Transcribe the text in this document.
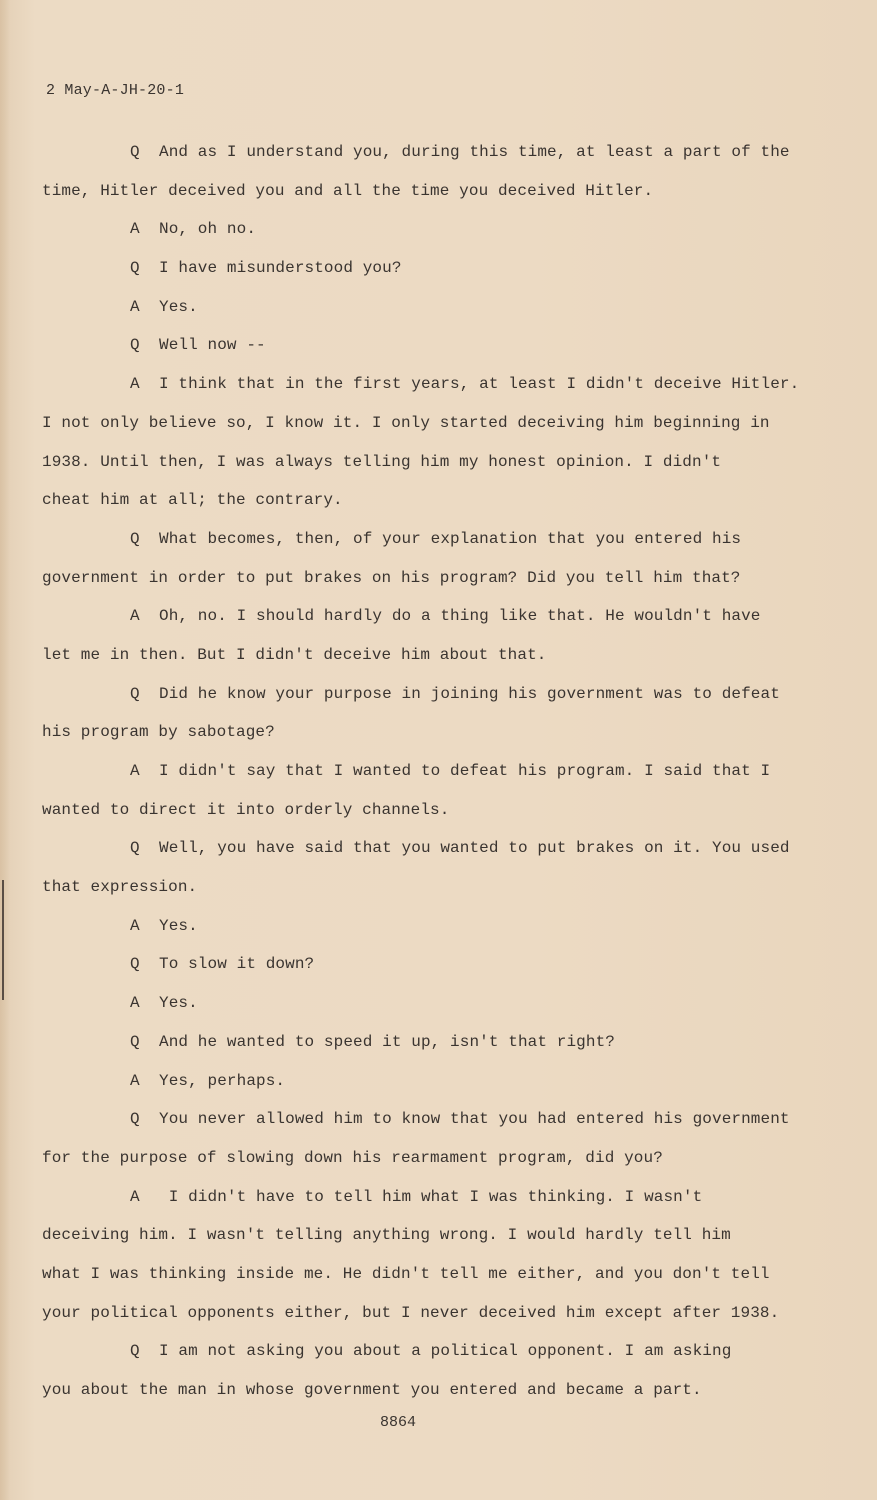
2 May-A-JH-20-1
Q And as I understand you, during this time, at least a part of the
time, Hitler deceived you and all the time you deceived Hitler.
A No, oh no.
Q I have misunderstood you?
A Yes.
Q Well now --
A I think that in the first years, at least I didn't deceive Hitler.
I not only believe so, I know it. I only started deceiving him beginning in
1938. Until then, I was always telling him my honest opinion. I didn't
cheat him at all; the contrary.
Q What becomes, then, of your explanation that you entered his
government in order to put brakes on his program? Did you tell him that?
A Oh, no. I should hardly do a thing like that. He wouldn't have
let me in then. But I didn't deceive him about that.
Q Did he know your purpose in joining his government was to defeat
his program by sabotage?
A I didn't say that I wanted to defeat his program. I said that I
wanted to direct it into orderly channels.
Q Well, you have said that you wanted to put brakes on it. You used
that expression.
A Yes.
Q To slow it down?
A Yes.
Q And he wanted to speed it up, isn't that right?
A Yes, perhaps.
Q You never allowed him to know that you had entered his government
for the purpose of slowing down his rearmament program, did you?
A I didn't have to tell him what I was thinking. I wasn't
deceiving him. I wasn't telling anything wrong. I would hardly tell him
what I was thinking inside me. He didn't tell me either, and you don't tell
your political opponents either, but I never deceived him except after 1938.
Q I am not asking you about a political opponent. I am asking
you about the man in whose government you entered and became a part.
8864
